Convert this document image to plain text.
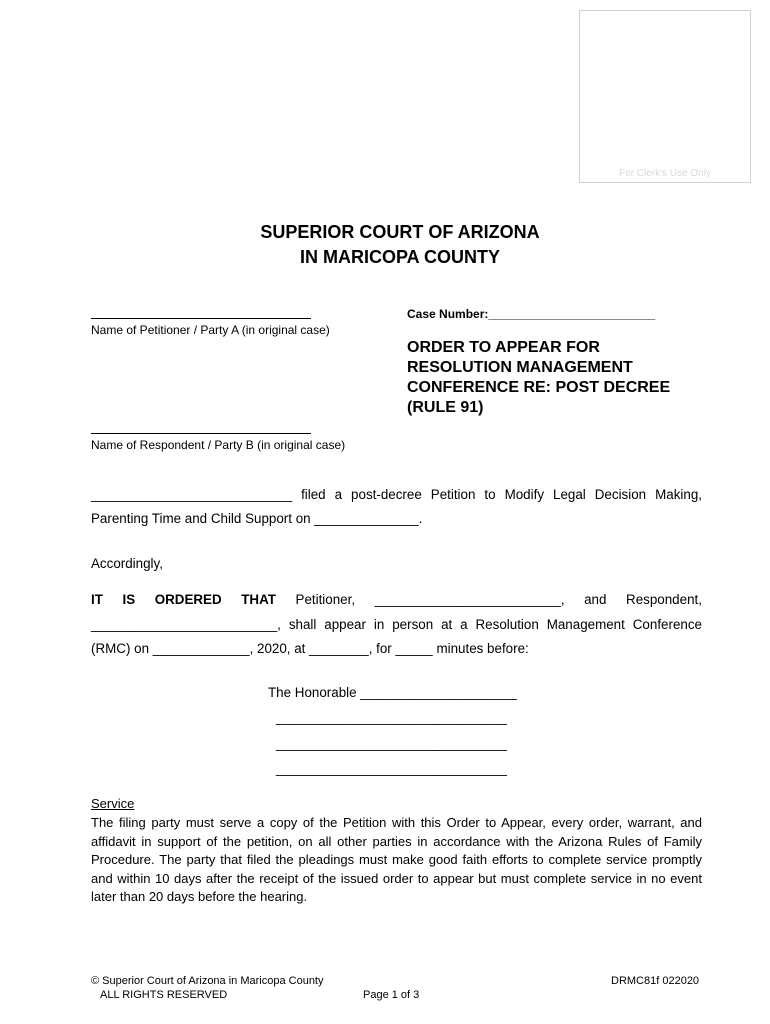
For Clerk's Use Only
SUPERIOR COURT OF ARIZONA
IN MARICOPA COUNTY
Name of Petitioner / Party A (in original case)
Case Number:_________________________
ORDER TO APPEAR FOR
RESOLUTION MANAGEMENT
CONFERENCE RE: POST DECREE
(RULE 91)
Name of Respondent / Party B (in original case)
___________________________ filed a post-decree Petition to Modify Legal Decision Making,
Parenting Time and Child Support on ______________.
Accordingly,
IT IS ORDERED THAT Petitioner, _________________________, and Respondent,
_________________________, shall appear in person at a Resolution Management Conference
(RMC) on _____________, 2020, at ________, for _____ minutes before:
The Honorable _____________________
_______________________________
_______________________________
_______________________________
Service
The filing party must serve a copy of the Petition with this Order to Appear, every order, warrant, and affidavit in support of the petition, on all other parties in accordance with the Arizona Rules of Family Procedure. The party that filed the pleadings must make good faith efforts to complete service promptly and within 10 days after the receipt of the issued order to appear but must complete service in no event later than 20 days before the hearing.
© Superior Court of Arizona in Maricopa County
ALL RIGHTS RESERVED	Page 1 of 3
DRMC81f 022020
